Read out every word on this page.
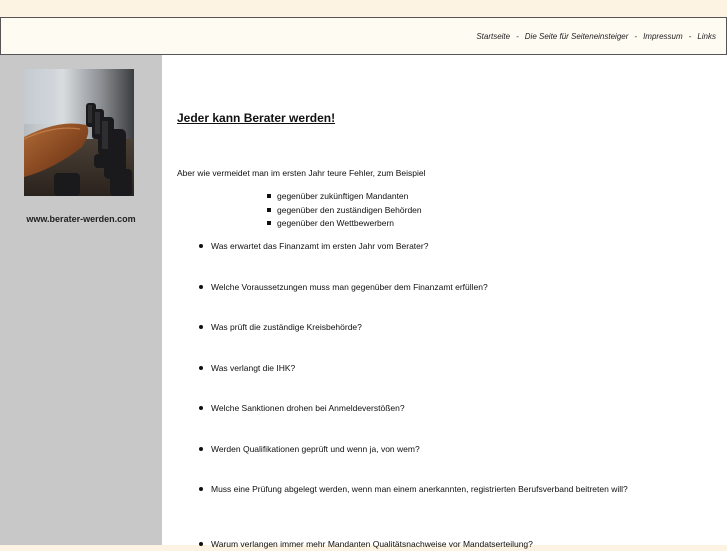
Startseite - Die Seite für Seiteneinsteiger - Impressum - Links
www.berater-werden.com
Jeder kann Berater werden!

Aber wie vermeidet man im ersten Jahr teure Fehler, zum Beispiel

gegenüber zukünftigen Mandanten
gegenüber den zuständigen Behörden
gegenüber den Wettbewerbern
Was erwartet das Finanzamt im ersten Jahr vom Berater?
Welche Voraussetzungen muss man gegenüber dem Finanzamt erfüllen?
Was prüft die zuständige Kreisbehörde?
Was verlangt die IHK?
Welche Sanktionen drohen bei Anmeldeverstößen?
Werden Qualifikationen geprüft und wenn ja, von wem?
Muss eine Prüfung abgelegt werden, wenn man einem anerkannten, registrierten Berufsverband beitreten will?
Warum verlangen immer mehr Mandanten Qualitätsnachweise vor Mandatserteilung?
